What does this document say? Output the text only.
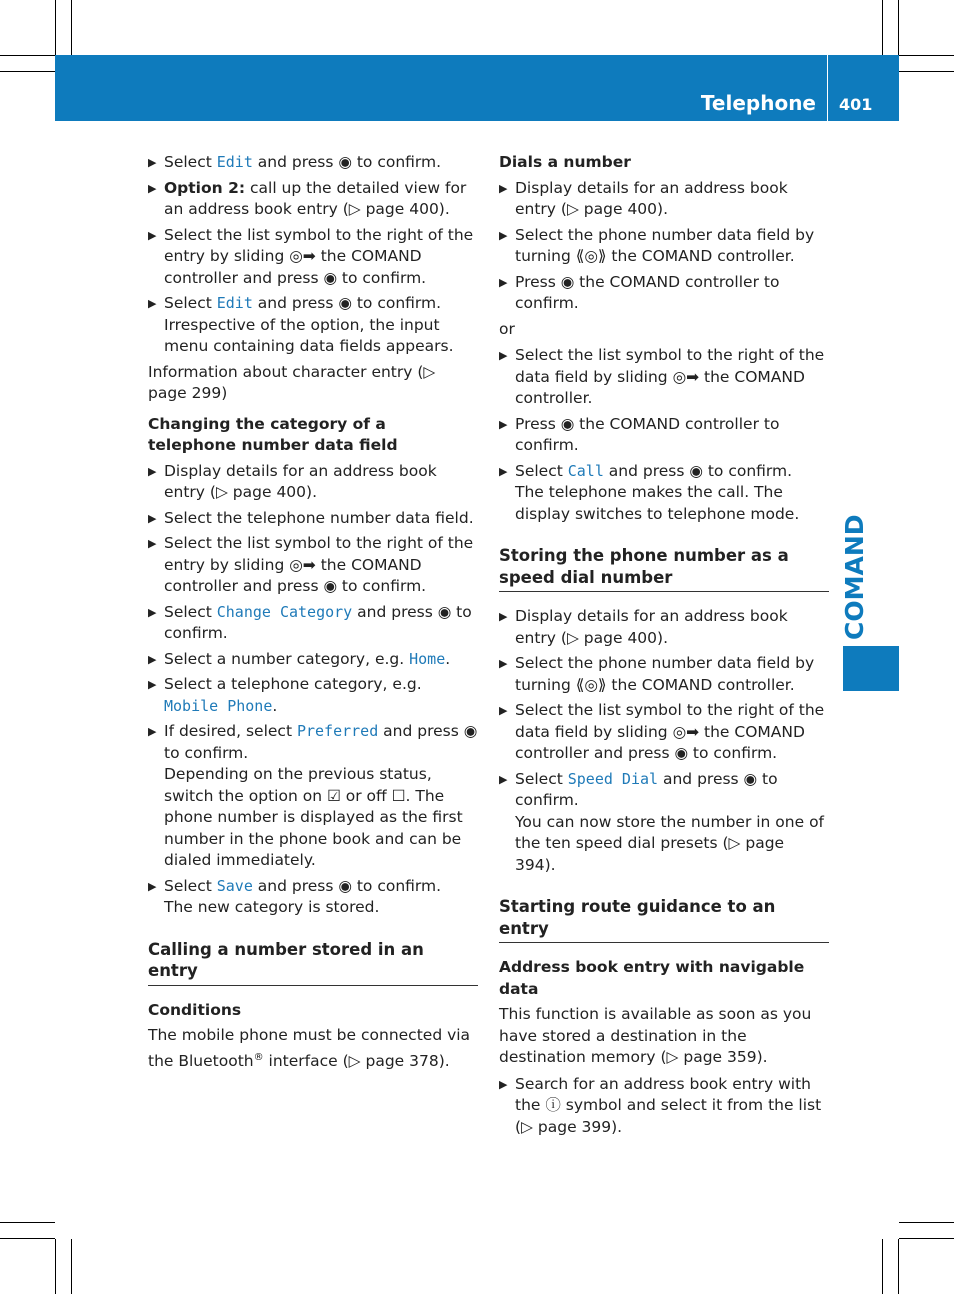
Telephone 401
COMAND
▶ Select Edit and press ◉ to confirm.
▶ Option 2: call up the detailed view for an address book entry (▷ page 400).
▶ Select the list symbol to the right of the entry by sliding ◎➡ the COMAND controller and press ◉ to confirm.
▶ Select Edit and press ◉ to confirm.
Irrespective of the option, the input menu containing data fields appears.
Information about character entry (▷ page 299)
Changing the category of a telephone number data field
▶ Display details for an address book entry (▷ page 400).
▶ Select the telephone number data field.
▶ Select the list symbol to the right of the entry by sliding ◎➡ the COMAND controller and press ◉ to confirm.
▶ Select Change Category and press ◉ to confirm.
▶ Select a number category, e.g. Home.
▶ Select a telephone category, e.g. Mobile Phone.
▶ If desired, select Preferred and press ◉ to confirm.
Depending on the previous status, switch the option on ☑ or off ☐. The phone number is displayed as the first number in the phone book and can be dialed immediately.
▶ Select Save and press ◉ to confirm.
The new category is stored.
Calling a number stored in an entry
Conditions
The mobile phone must be connected via the Bluetooth® interface (▷ page 378).
Dials a number
▶ Display details for an address book entry (▷ page 400).
▶ Select the phone number data field by turning ⟪◎⟫ the COMAND controller.
▶ Press ◉ the COMAND controller to confirm.
or
▶ Select the list symbol to the right of the data field by sliding ◎➡ the COMAND controller.
▶ Press ◉ the COMAND controller to confirm.
▶ Select Call and press ◉ to confirm.
The telephone makes the call. The display switches to telephone mode.
Storing the phone number as a speed dial number
▶ Display details for an address book entry (▷ page 400).
▶ Select the phone number data field by turning ⟪◎⟫ the COMAND controller.
▶ Select the list symbol to the right of the data field by sliding ◎➡ the COMAND controller and press ◉ to confirm.
▶ Select Speed Dial and press ◉ to confirm.
You can now store the number in one of the ten speed dial presets (▷ page 394).
Starting route guidance to an entry
Address book entry with navigable data
This function is available as soon as you have stored a destination in the destination memory (▷ page 359).
▶ Search for an address book entry with the ⓘ symbol and select it from the list (▷ page 399).
